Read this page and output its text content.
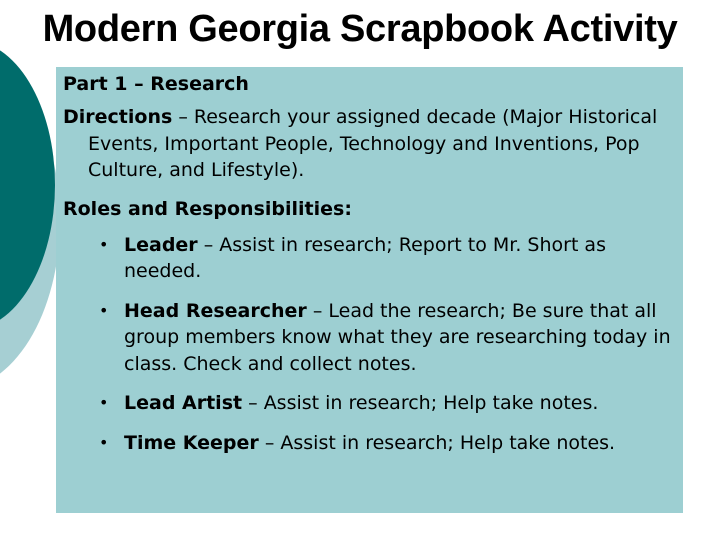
Modern Georgia Scrapbook Activity

Part 1 – Research

Directions – Research your assigned decade (Major Historical Events, Important People, Technology and Inventions, Pop Culture, and Lifestyle).

Roles and Responsibilities:

• Leader – Assist in research; Report to Mr. Short as needed.
• Head Researcher – Lead the research; Be sure that all group members know what they are researching today in class. Check and collect notes.
• Lead Artist – Assist in research; Help take notes.
• Time Keeper – Assist in research; Help take notes.
